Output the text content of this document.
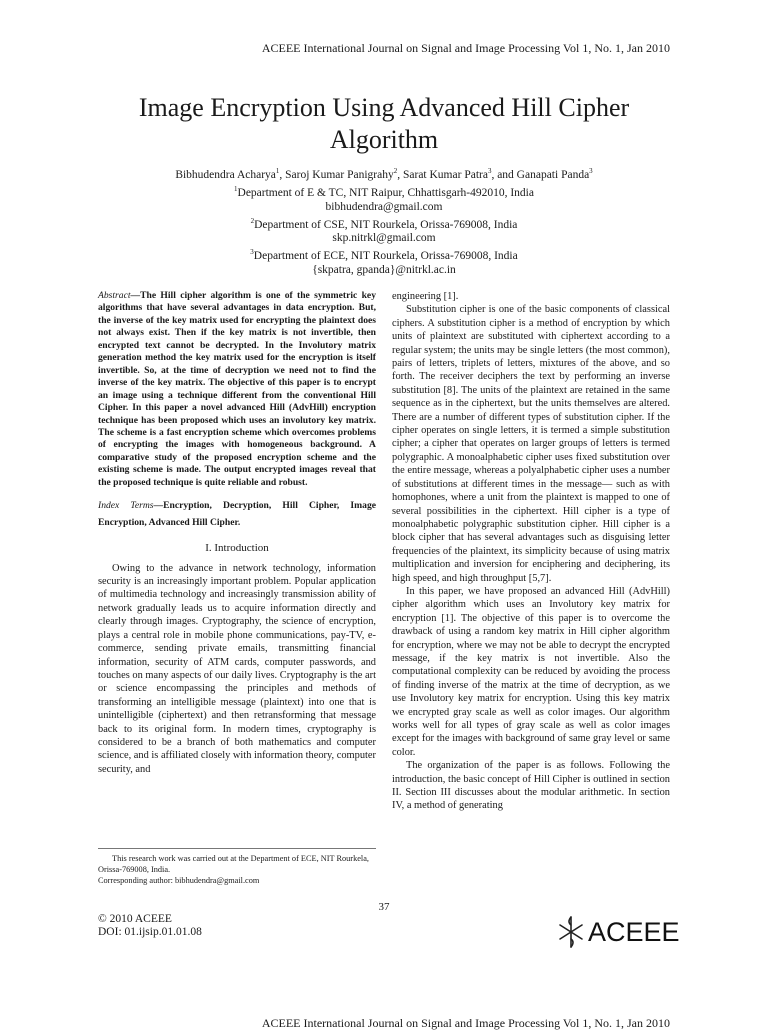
ACEEE International Journal on Signal and Image Processing Vol 1, No. 1, Jan 2010
Image Encryption Using Advanced Hill Cipher Algorithm
Bibhudendra Acharya$^1$, Saroj Kumar Panigrahy$^2$, Sarat Kumar Patra$^3$, and Ganapati Panda$^3$
$^1$Department of E & TC, NIT Raipur, Chhattisgarh-492010, India
bibhudendra@gmail.com
$^2$Department of CSE, NIT Rourkela, Orissa-769008, India
skp.nitrkl@gmail.com
$^3$Department of ECE, NIT Rourkela, Orissa-769008, India
{skpatra, gpanda}@nitrkl.ac.in

Abstract—The Hill cipher algorithm is one of the symmetric key algorithms that have several advantages in data encryption. But, the inverse of the key matrix used for encrypting the plaintext does not always exist. Then if the key matrix is not invertible, then encrypted text cannot be decrypted. In the Involutory matrix generation method the key matrix used for the encryption is itself invertible. So, at the time of decryption we need not to find the inverse of the key matrix. The objective of this paper is to encrypt an image using a technique different from the conventional Hill Cipher. In this paper a novel advanced Hill (AdvHill) encryption technique has been proposed which uses an involutory key matrix. The scheme is a fast encryption scheme which overcomes problems of encrypting the images with homogeneous background. A comparative study of the proposed encryption scheme and the existing scheme is made. The output encrypted images reveal that the proposed technique is quite reliable and robust.

Index Terms—Encryption, Decryption, Hill Cipher, Image Encryption, Advanced Hill Cipher.

I. Introduction

Owing to the advance in network technology, information security is an increasingly important problem. Popular application of multimedia technology and increasingly transmission ability of network gradually leads us to acquire information directly and clearly through images. Cryptography, the science of encryption, plays a central role in mobile phone communications, pay-TV, e-commerce, sending private emails, transmitting financial information, security of ATM cards, computer passwords, and touches on many aspects of our daily lives. Cryptography is the art or science encompassing the principles and methods of transforming an intelligible message (plaintext) into one that is unintelligible (ciphertext) and then retransforming that message back to its original form. In modern times, cryptography is considered to be a branch of both mathematics and computer science, and is affiliated closely with information theory, computer security, and

engineering [1].

Substitution cipher is one of the basic components of classical ciphers. A substitution cipher is a method of encryption by which units of plaintext are substituted with ciphertext according to a regular system; the units may be single letters (the most common), pairs of letters, triplets of letters, mixtures of the above, and so forth. The receiver deciphers the text by performing an inverse substitution [8]. The units of the plaintext are retained in the same sequence as in the ciphertext, but the units themselves are altered. There are a number of different types of substitution cipher. If the cipher operates on single letters, it is termed a simple substitution cipher; a cipher that operates on larger groups of letters is termed polygraphic. A monoalphabetic cipher uses fixed substitution over the entire message, whereas a polyalphabetic cipher uses a number of substitutions at different times in the message— such as with homophones, where a unit from the plaintext is mapped to one of several possibilities in the ciphertext. Hill cipher is a type of monoalphabetic polygraphic substitution cipher. Hill cipher is a block cipher that has several advantages such as disguising letter frequencies of the plaintext, its simplicity because of using matrix multiplication and inversion for enciphering and deciphering, its high speed, and high throughput [5,7].

In this paper, we have proposed an advanced Hill (AdvHill) cipher algorithm which uses an Involutory key matrix for encryption [1]. The objective of this paper is to overcome the drawback of using a random key matrix in Hill cipher algorithm for encryption, where we may not be able to decrypt the encrypted message, if the key matrix is not invertible. Also the computational complexity can be reduced by avoiding the process of finding inverse of the matrix at the time of decryption, as we use Involutory key matrix for encryption. Using this key matrix we encrypted gray scale as well as color images. Our algorithm works well for all types of gray scale as well as color images except for the images with background of same gray level or same color.

The organization of the paper is as follows. Following the introduction, the basic concept of Hill Cipher is outlined in section II. Section III discusses about the modular arithmetic. In section IV, a method of generating

This research work was carried out at the Department of ECE, NIT Rourkela, Orissa-769008, India.

Corresponding author: bibhudendra@gmail.com

37

© 2010 ACEEE

DOI: 01.ijsip.01.01.08	ACEEE
ACEEE International Journal on Signal and Image Processing Vol 1, No. 1, Jan 2010
